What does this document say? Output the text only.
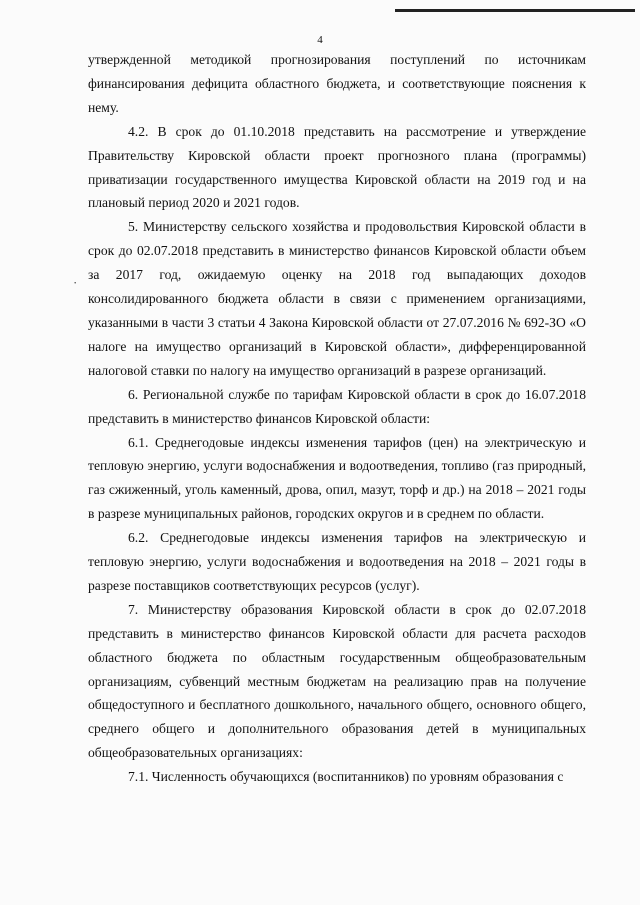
4
·

утвержденной методикой прогнозирования поступлений по источникам финансирования дефицита областного бюджета, и соответствующие пояснения к нему.

4.2. В срок до 01.10.2018 представить на рассмотрение и утверждение Правительству Кировской области проект прогнозного плана (программы) приватизации государственного имущества Кировской области на 2019 год и на плановый период 2020 и 2021 годов.

5. Министерству сельского хозяйства и продовольствия Кировской области в срок до 02.07.2018 представить в министерство финансов Кировской области объем за 2017 год, ожидаемую оценку на 2018 год выпадающих доходов консолидированного бюджета области в связи с применением организациями, указанными в части 3 статьи 4 Закона Кировской области от 27.07.2016 № 692-ЗО «О налоге на имущество организаций в Кировской области», дифференцированной налоговой ставки по налогу на имущество организаций в разрезе организаций.

6. Региональной службе по тарифам Кировской области в срок до 16.07.2018 представить в министерство финансов Кировской области:

6.1. Среднегодовые индексы изменения тарифов (цен) на электрическую и тепловую энергию, услуги водоснабжения и водоотведения, топливо (газ природный, газ сжиженный, уголь каменный, дрова, опил, мазут, торф и др.) на 2018 – 2021 годы в разрезе муниципальных районов, городских округов и в среднем по области.

6.2. Среднегодовые индексы изменения тарифов на электрическую и тепловую энергию, услуги водоснабжения и водоотведения на 2018 – 2021 годы в разрезе поставщиков соответствующих ресурсов (услуг).

7. Министерству образования Кировской области в срок до 02.07.2018 представить в министерство финансов Кировской области для расчета расходов областного бюджета по областным государственным общеобразовательным организациям, субвенций местным бюджетам на реализацию прав на получение общедоступного и бесплатного дошкольного, начального общего, основного общего, среднего общего и дополнительного образования детей в муниципальных общеобразовательных организациях:

7.1. Численность обучающихся (воспитанников) по уровням образования с
